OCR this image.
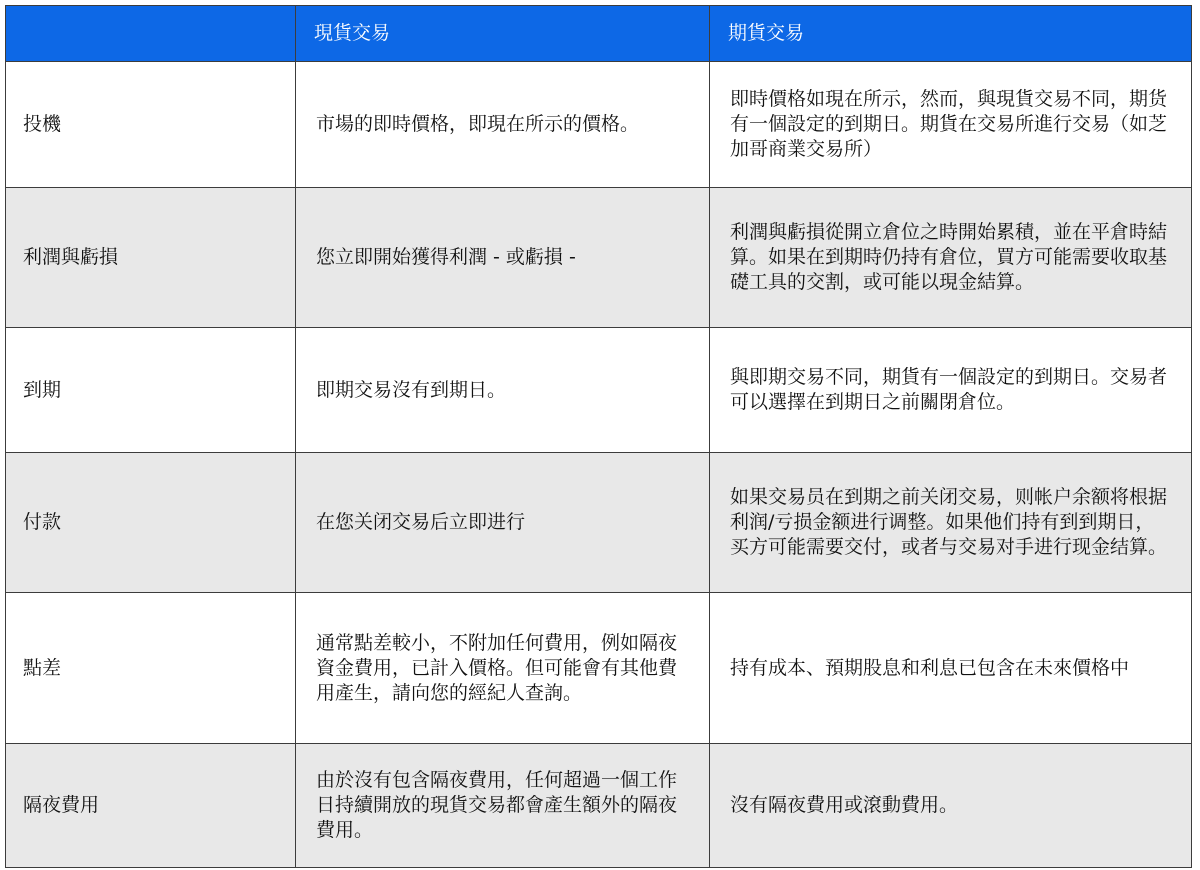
	現貨交易	期貨交易
投機	市場的即時價格，即現在所示的價格。	即時價格如現在所示，然而，與現貨交易不同，期货有一個設定的到期日。期貨在交易所進行交易（如芝加哥商業交易所）
利潤與虧損	您立即開始獲得利潤 - 或虧損 -	利潤與虧損從開立倉位之時開始累積，並在平倉時結算。如果在到期時仍持有倉位，買方可能需要收取基礎工具的交割，或可能以現金結算。
到期	即期交易沒有到期日。	與即期交易不同，期貨有一個設定的到期日。交易者可以選擇在到期日之前關閉倉位。
付款	在您关闭交易后立即进行	如果交易员在到期之前关闭交易，则帐户余额将根据利润/亏损金额进行调整。如果他们持有到到期日，买方可能需要交付，或者与交易对手进行现金结算。
點差	通常點差較小，不附加任何費用，例如隔夜資金費用，已計入價格。但可能會有其他費用產生，請向您的經紀人查詢。	持有成本、預期股息和利息已包含在未來價格中
隔夜費用	由於沒有包含隔夜費用，任何超過一個工作日持續開放的現貨交易都會產生額外的隔夜費用。	沒有隔夜費用或滾動費用。
